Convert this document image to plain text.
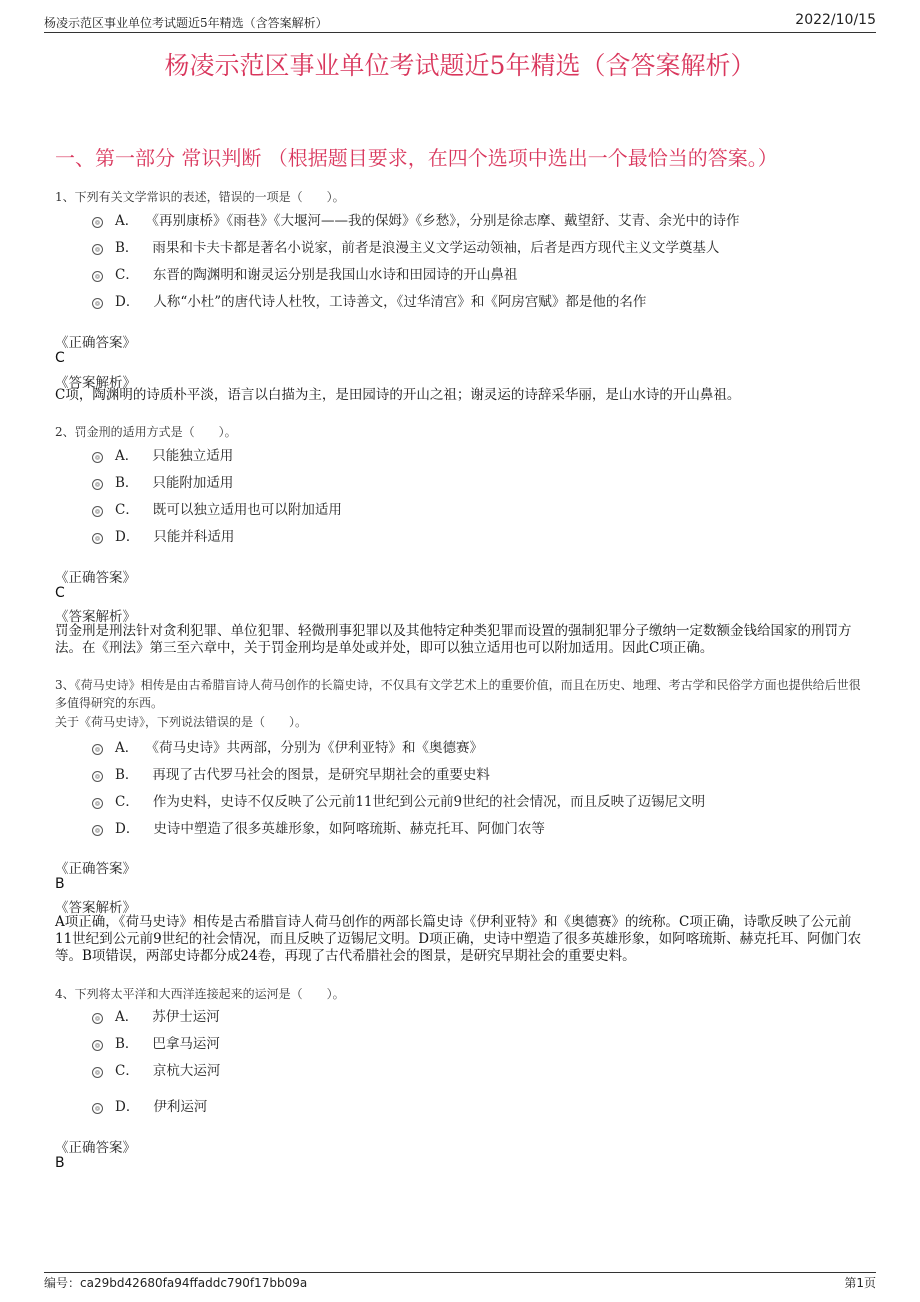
杨凌示范区事业单位考试题近5年精选（含答案解析）	2022/10/15
杨凌示范区事业单位考试题近5年精选（含答案解析）
一、第一部分 常识判断 （根据题目要求，在四个选项中选出一个最恰当的答案。）
1、下列有关文学常识的表述，错误的一项是（　　）。
A． 《再别康桥》《雨巷》《大堰河——我的保姆》《乡愁》，分别是徐志摩、戴望舒、艾青、余光中的诗作
B． 雨果和卡夫卡都是著名小说家，前者是浪漫主义文学运动领袖，后者是西方现代主义文学奠基人
C． 东晋的陶渊明和谢灵运分别是我国山水诗和田园诗的开山鼻祖
D． 人称“小杜”的唐代诗人杜牧，工诗善文，《过华清宫》和《阿房宫赋》都是他的名作
《正确答案》
C
《答案解析》
C项，陶渊明的诗质朴平淡，语言以白描为主，是田园诗的开山之祖；谢灵运的诗辞采华丽，是山水诗的开山鼻祖。
2、罚金刑的适用方式是（　　）。
A． 只能独立适用
B． 只能附加适用
C． 既可以独立适用也可以附加适用
D． 只能并科适用
《正确答案》
C
《答案解析》
罚金刑是刑法针对贪利犯罪、单位犯罪、轻微刑事犯罪以及其他特定种类犯罪而设置的强制犯罪分子缴纳一定数额金钱给国家的刑罚方法。在《刑法》第三至六章中，关于罚金刑均是单处或并处，即可以独立适用也可以附加适用。因此C项正确。
3、《荷马史诗》相传是由古希腊盲诗人荷马创作的长篇史诗，不仅具有文学艺术上的重要价值，而且在历史、地理、考古学和民俗学方面也提供给后世很多值得研究的东西。
关于《荷马史诗》，下列说法错误的是（　　）。
A． 《荷马史诗》共两部，分别为《伊利亚特》和《奥德赛》
B． 再现了古代罗马社会的图景，是研究早期社会的重要史料
C． 作为史料，史诗不仅反映了公元前11世纪到公元前9世纪的社会情况，而且反映了迈锡尼文明
D． 史诗中塑造了很多英雄形象，如阿喀琉斯、赫克托耳、阿伽门农等
《正确答案》
B
《答案解析》
A项正确，《荷马史诗》相传是古希腊盲诗人荷马创作的两部长篇史诗《伊利亚特》和《奥德赛》的统称。C项正确，诗歌反映了公元前11世纪到公元前9世纪的社会情况，而且反映了迈锡尼文明。D项正确，史诗中塑造了很多英雄形象，如阿喀琉斯、赫克托耳、阿伽门农等。B项错误，两部史诗都分成24卷，再现了古代希腊社会的图景，是研究早期社会的重要史料。
4、下列将太平洋和大西洋连接起来的运河是（　　）。
A． 苏伊士运河
B． 巴拿马运河
C． 京杭大运河
D． 伊利运河
《正确答案》
B
编号：ca29bd42680fa94ffaddc790f17bb09a	第1页
